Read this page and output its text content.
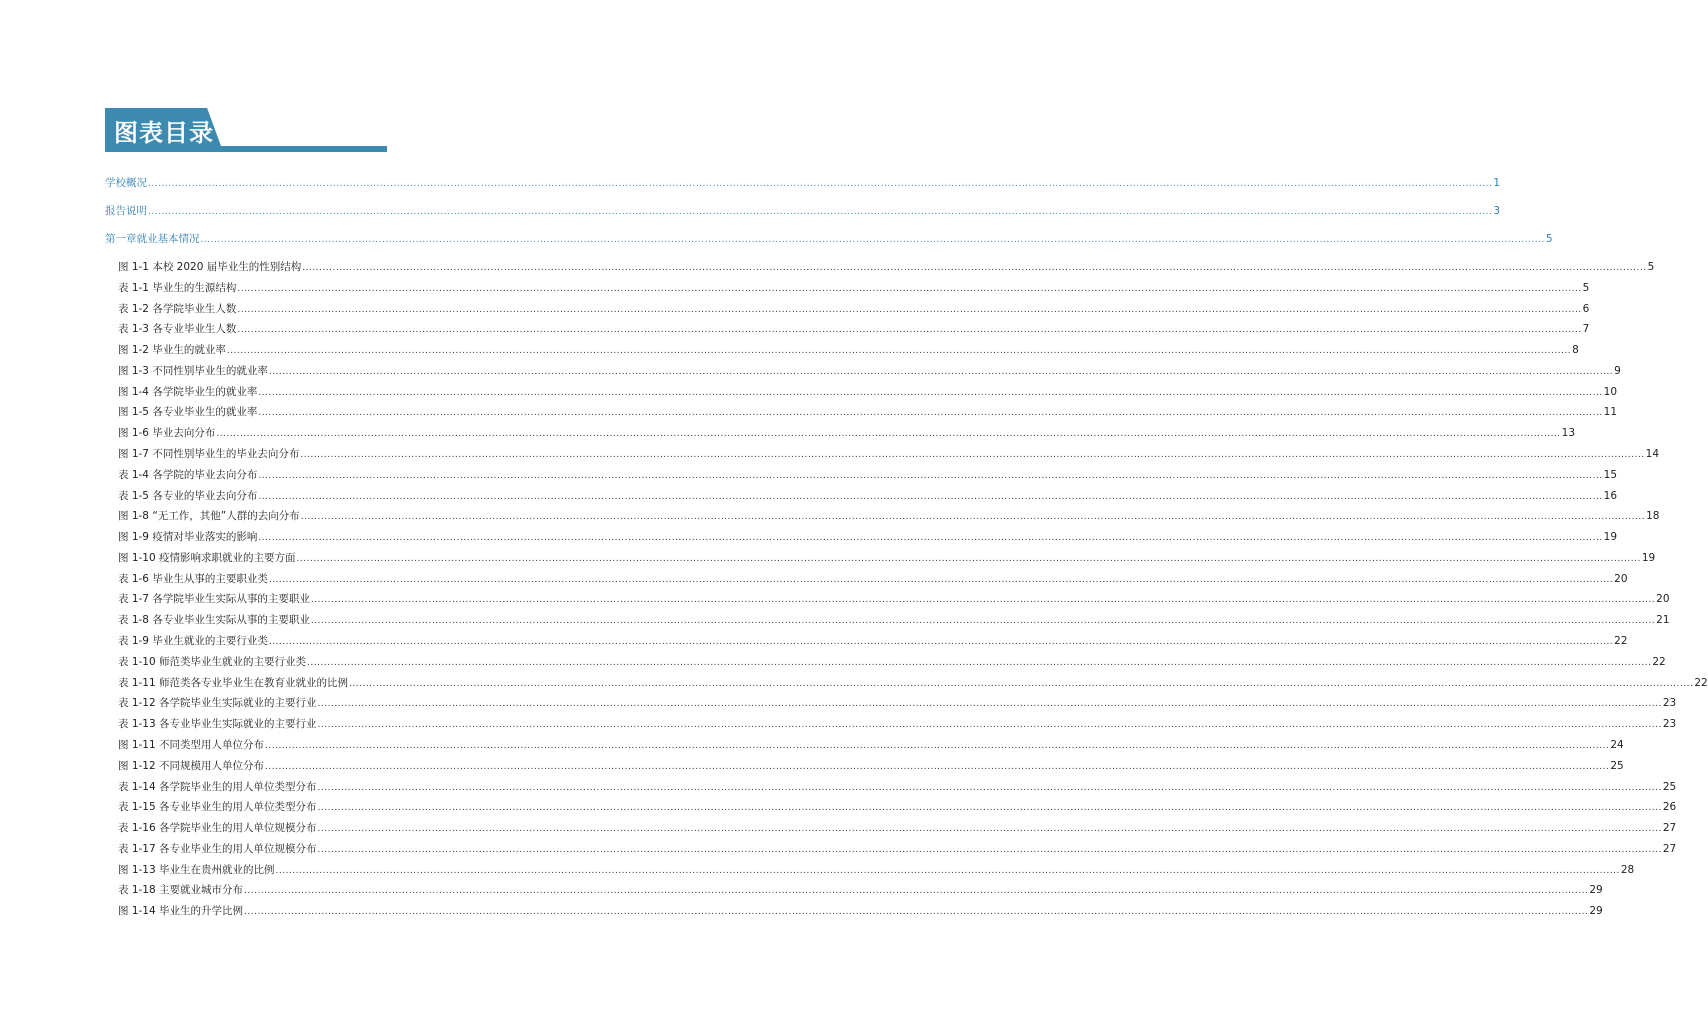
图表目录
学校概况 ................................................................................................................................................................................................................................................................................................................................................................................................................ 1
报告说明 ................................................................................................................................................................................................................................................................................................................................................................................................................ 3
第一章 就业基本情况 ................................................................................................................................................................................................................................................................................................................................................................................................................ 5
图 1-1 本校 2020 届毕业生的性别结构 ................................................................................................................................................................................................................................................................................................................................................................................................................ 5
表 1-1 毕业生的生源结构 ................................................................................................................................................................................................................................................................................................................................................................................................................ 5
表 1-2 各学院毕业生人数 ................................................................................................................................................................................................................................................................................................................................................................................................................ 6
表 1-3 各专业毕业生人数 ................................................................................................................................................................................................................................................................................................................................................................................................................ 7
图 1-2 毕业生的就业率 ................................................................................................................................................................................................................................................................................................................................................................................................................ 8
图 1-3 不同性别毕业生的就业率 ................................................................................................................................................................................................................................................................................................................................................................................................................ 9
图 1-4 各学院毕业生的就业率 ................................................................................................................................................................................................................................................................................................................................................................................................................ 10
图 1-5 各专业毕业生的就业率 ................................................................................................................................................................................................................................................................................................................................................................................................................ 11
图 1-6 毕业去向分布 ................................................................................................................................................................................................................................................................................................................................................................................................................ 13
图 1-7 不同性别毕业生的毕业去向分布 ................................................................................................................................................................................................................................................................................................................................................................................................................ 14
表 1-4 各学院的毕业去向分布 ................................................................................................................................................................................................................................................................................................................................................................................................................ 15
表 1-5 各专业的毕业去向分布 ................................................................................................................................................................................................................................................................................................................................................................................................................ 16
图 1-8 “无工作，其他”人群的去向分布 ................................................................................................................................................................................................................................................................................................................................................................................................................ 18
图 1-9 疫情对毕业落实的影响 ................................................................................................................................................................................................................................................................................................................................................................................................................ 19
图 1-10 疫情影响求职就业的主要方面 ................................................................................................................................................................................................................................................................................................................................................................................................................ 19
表 1-6 毕业生从事的主要职业类 ................................................................................................................................................................................................................................................................................................................................................................................................................ 20
表 1-7 各学院毕业生实际从事的主要职业 ................................................................................................................................................................................................................................................................................................................................................................................................................ 20
表 1-8 各专业毕业生实际从事的主要职业 ................................................................................................................................................................................................................................................................................................................................................................................................................ 21
表 1-9 毕业生就业的主要行业类 ................................................................................................................................................................................................................................................................................................................................................................................................................ 22
表 1-10 师范类毕业生就业的主要行业类 ................................................................................................................................................................................................................................................................................................................................................................................................................ 22
表 1-11 师范类各专业毕业生在教育业就业的比例 ................................................................................................................................................................................................................................................................................................................................................................................................................ 22
表 1-12 各学院毕业生实际就业的主要行业 ................................................................................................................................................................................................................................................................................................................................................................................................................ 23
表 1-13 各专业毕业生实际就业的主要行业 ................................................................................................................................................................................................................................................................................................................................................................................................................ 23
图 1-11 不同类型用人单位分布 ................................................................................................................................................................................................................................................................................................................................................................................................................ 24
图 1-12 不同规模用人单位分布 ................................................................................................................................................................................................................................................................................................................................................................................................................ 25
表 1-14 各学院毕业生的用人单位类型分布 ................................................................................................................................................................................................................................................................................................................................................................................................................ 25
表 1-15 各专业毕业生的用人单位类型分布 ................................................................................................................................................................................................................................................................................................................................................................................................................ 26
表 1-16 各学院毕业生的用人单位规模分布 ................................................................................................................................................................................................................................................................................................................................................................................................................ 27
表 1-17 各专业毕业生的用人单位规模分布 ................................................................................................................................................................................................................................................................................................................................................................................................................ 27
图 1-13 毕业生在贵州就业的比例 ................................................................................................................................................................................................................................................................................................................................................................................................................ 28
表 1-18 主要就业城市分布 ................................................................................................................................................................................................................................................................................................................................................................................................................ 29
图 1-14 毕业生的升学比例 ................................................................................................................................................................................................................................................................................................................................................................................................................ 29
